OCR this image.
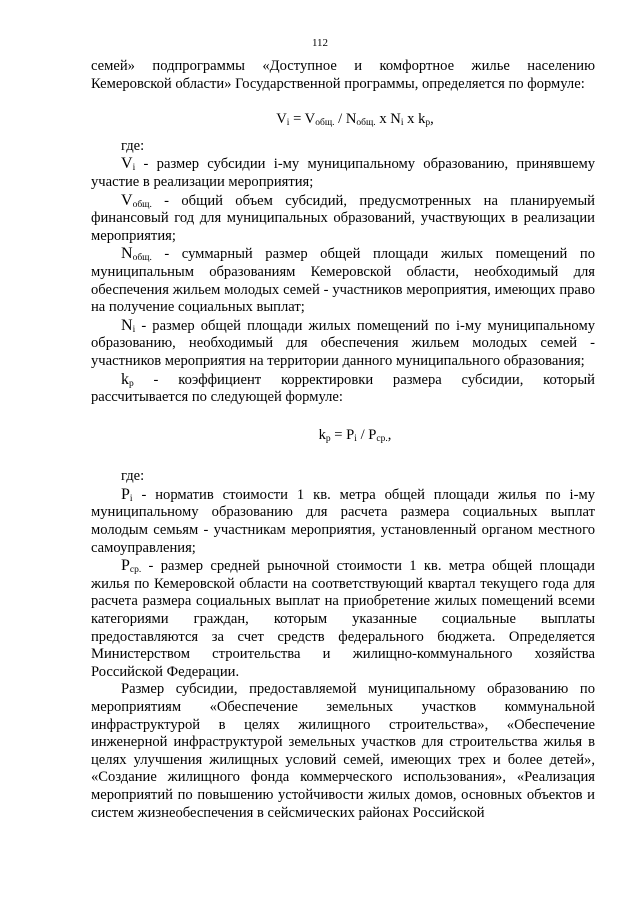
112

семей» подпрограммы «Доступное и комфортное жилье населению Кемеровской области» Государственной программы, определяется по формуле:

$V_i = V_{общ.} / N_{общ.}$ х $N_i$ х $k_р$,

где:

$V_i$ - размер субсидии i-му муниципальному образованию, принявшему участие в реализации мероприятия;

$V_{общ.}$ - общий объем субсидий, предусмотренных на планируемый финансовый год для муниципальных образований, участвующих в реализации мероприятия;

$N_{общ.}$ - суммарный размер общей площади жилых помещений по муниципальным образованиям Кемеровской области, необходимый для обеспечения жильем молодых семей - участников мероприятия, имеющих право на получение социальных выплат;

$N_i$ - размер общей площади жилых помещений по i-му муниципальному образованию, необходимый для обеспечения жильем молодых семей - участников мероприятия на территории данного муниципального образования;

$k_р$ - коэффициент корректировки размера субсидии, который рассчитывается по следующей формуле:

$k_р = P_i / P_{ср.}$,

где:

$P_i$ - норматив стоимости 1 кв. метра общей площади жилья по i-му муниципальному образованию для расчета размера социальных выплат молодым семьям - участникам мероприятия, установленный органом местного самоуправления;

$P_{ср.}$ - размер средней рыночной стоимости 1 кв. метра общей площади жилья по Кемеровской области на соответствующий квартал текущего года для расчета размера социальных выплат на приобретение жилых помещений всеми категориями граждан, которым указанные социальные выплаты предоставляются за счет средств федерального бюджета. Определяется Министерством строительства и жилищно-коммунального хозяйства Российской Федерации.

Размер субсидии, предоставляемой муниципальному образованию по мероприятиям «Обеспечение земельных участков коммунальной инфраструктурой в целях жилищного строительства», «Обеспечение инженерной инфраструктурой земельных участков для строительства жилья в целях улучшения жилищных условий семей, имеющих трех и более детей», «Создание жилищного фонда коммерческого использования», «Реализация мероприятий по повышению устойчивости жилых домов, основных объектов и систем жизнеобеспечения в сейсмических районах Российской
